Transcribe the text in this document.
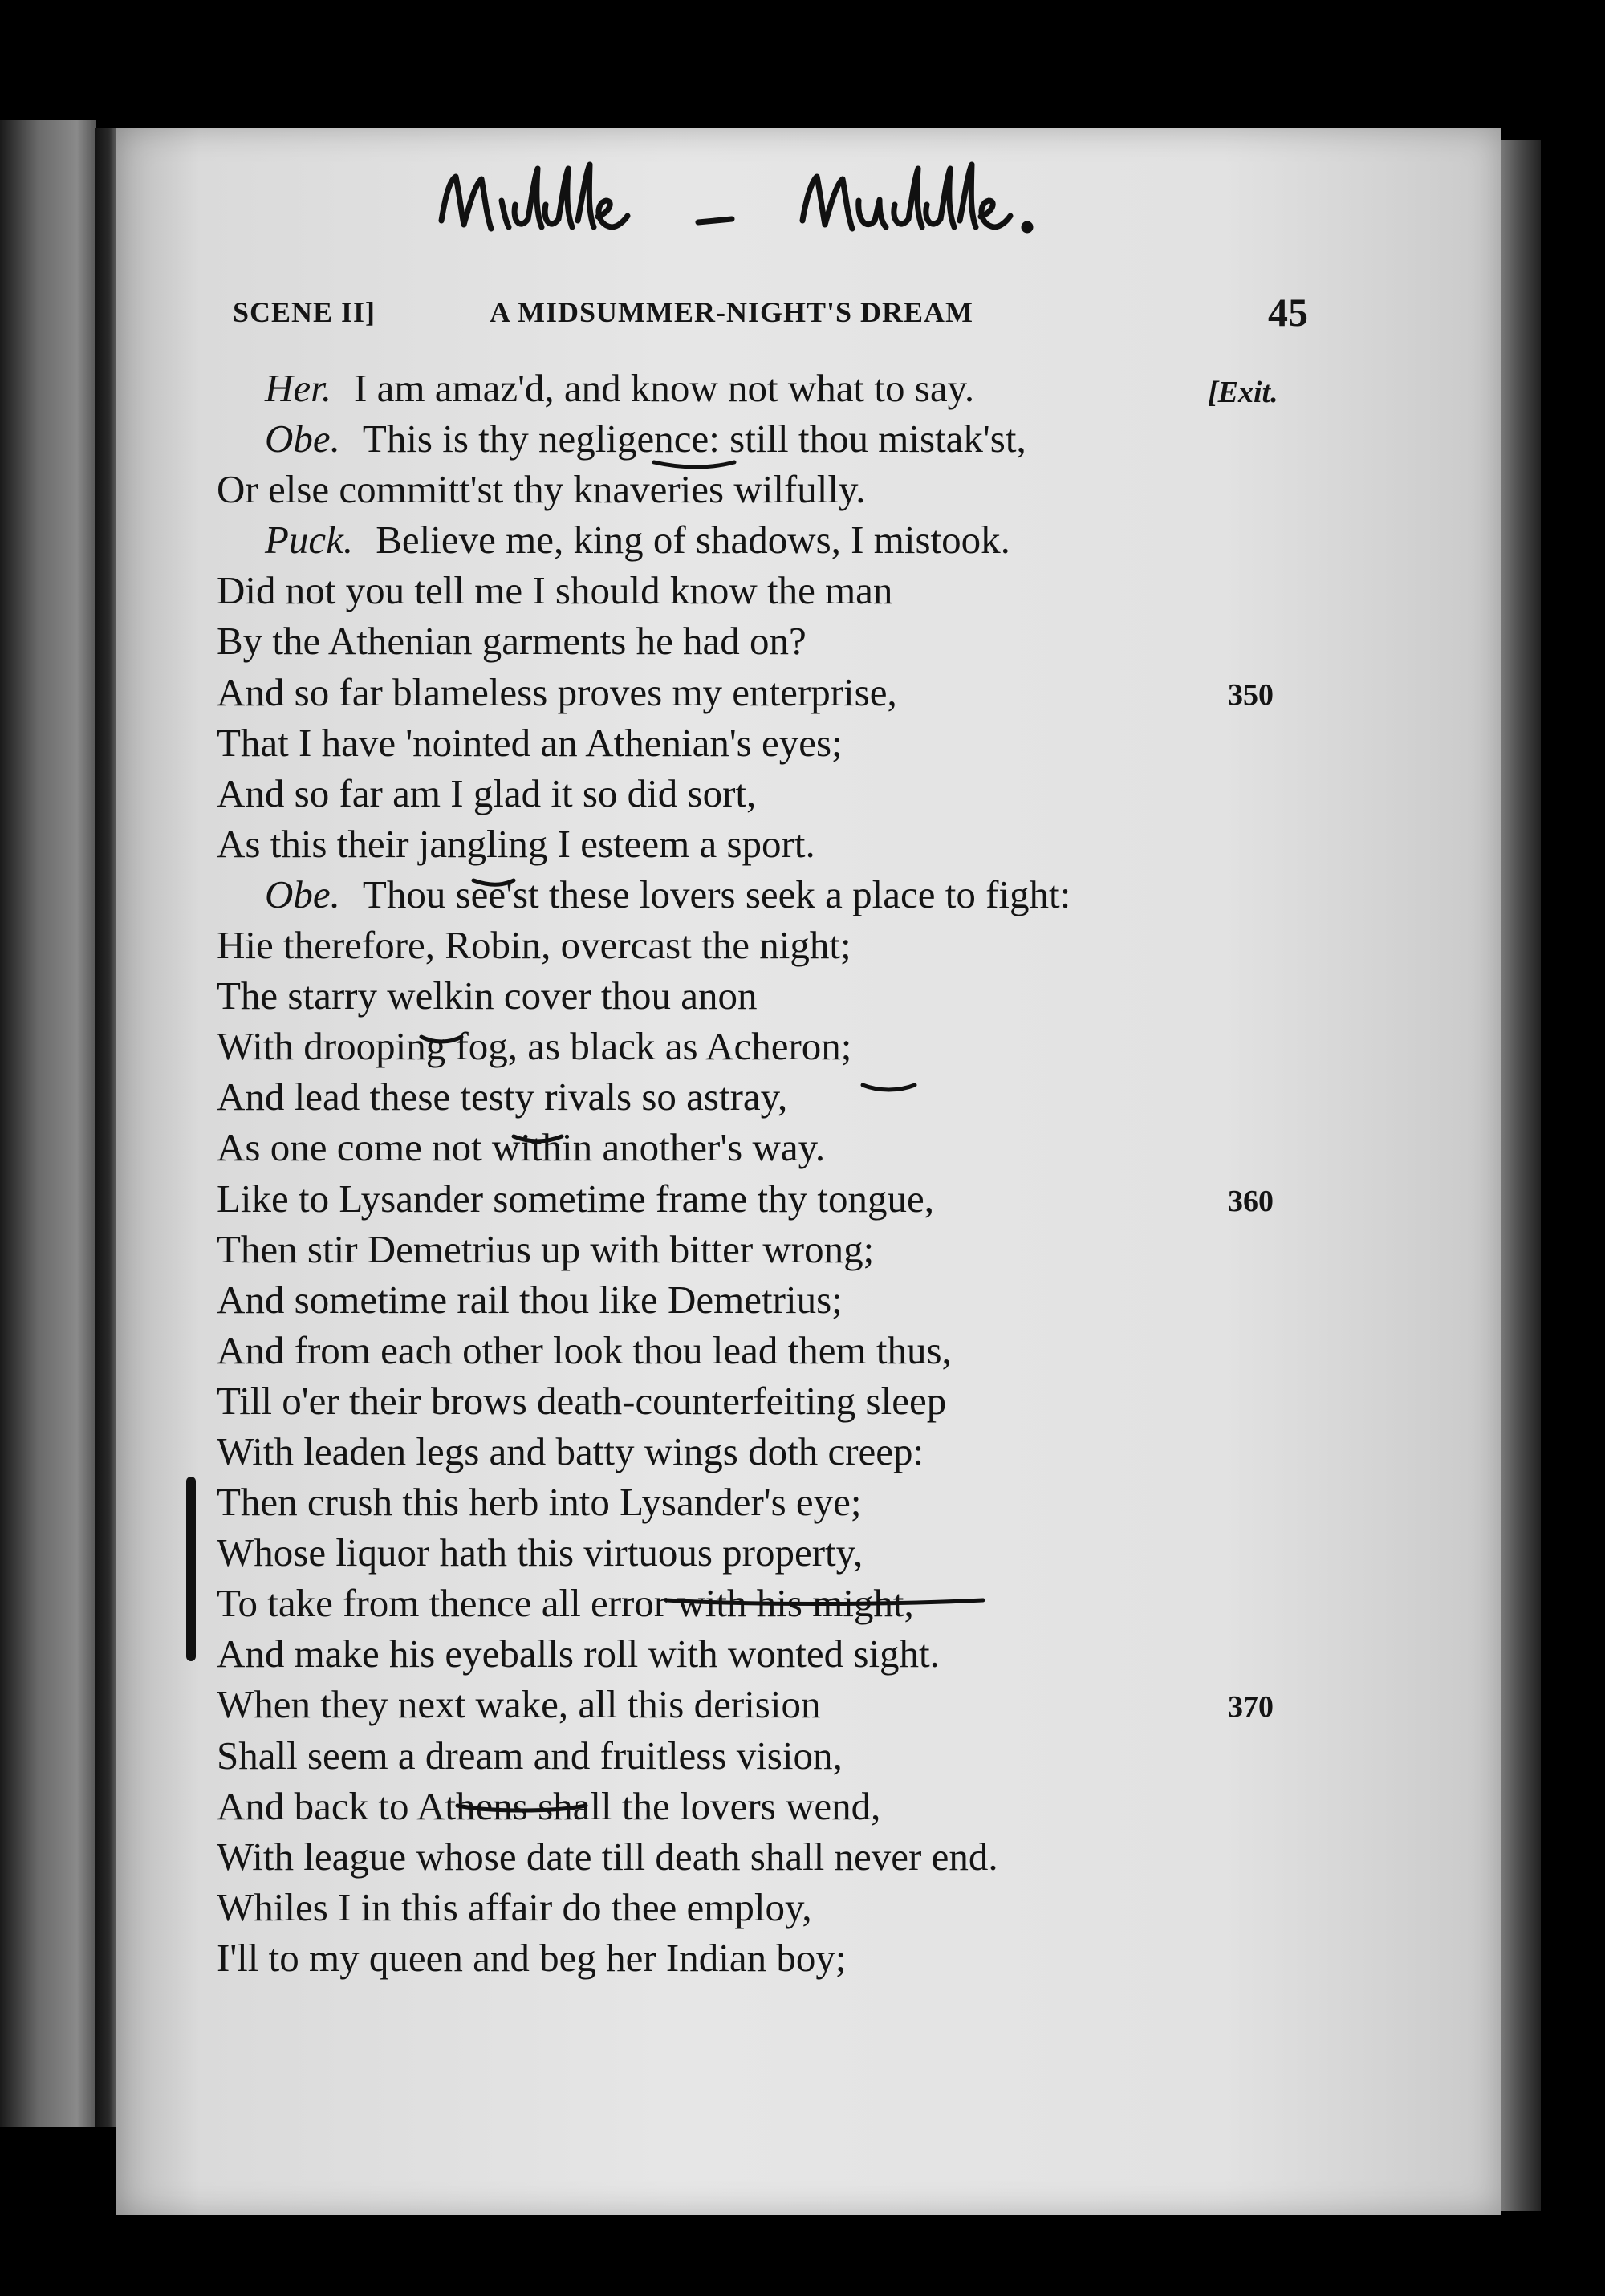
SCENE II]	A MIDSUMMER-NIGHT'S DREAM	45
Her. I am amaz'd, and know not what to say.	[Exit.
Obe. This is thy negligence: still thou mistak'st,
Or else committ'st thy knaveries wilfully.
Puck. Believe me, king of shadows, I mistook.
Did not you tell me I should know the man
By the Athenian garments he had on?
And so far blameless proves my enterprise,	350
That I have 'nointed an Athenian's eyes;
And so far am I glad it so did sort,
As this their jangling I esteem a sport.
Obe. Thou see'st these lovers seek a place to fight:
Hie therefore, Robin, overcast the night;
The starry welkin cover thou anon
With drooping fog, as black as Acheron;
And lead these testy rivals so astray,
As one come not within another's way.
Like to Lysander sometime frame thy tongue,	360
Then stir Demetrius up with bitter wrong;
And sometime rail thou like Demetrius;
And from each other look thou lead them thus,
Till o'er their brows death-counterfeiting sleep
With leaden legs and batty wings doth creep:
Then crush this herb into Lysander's eye;
Whose liquor hath this virtuous property,
To take from thence all error with his might,
And make his eyeballs roll with wonted sight.
When they next wake, all this derision	370
Shall seem a dream and fruitless vision,
And back to Athens shall the lovers wend,
With league whose date till death shall never end.
Whiles I in this affair do thee employ,
I'll to my queen and beg her Indian boy;
